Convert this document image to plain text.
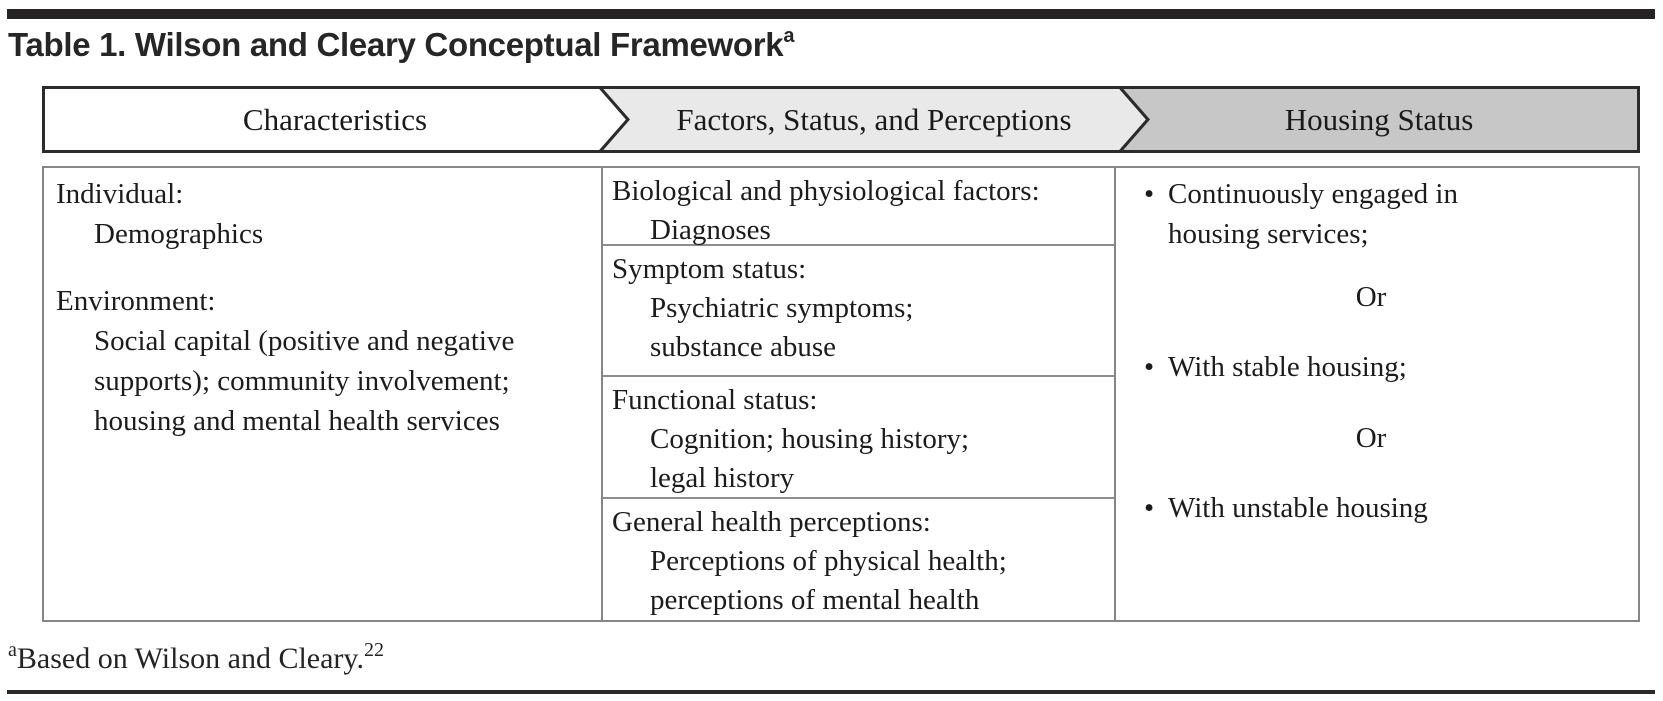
Table 1. Wilson and Cleary Conceptual Framework$^a$
Characteristics	Factors, Status, and Perceptions	Housing Status
Individual:
Demographics
Environment:
Social capital (positive and negative
supports); community involvement;
housing and mental health services
Biological and physiological factors:
Diagnoses
Symptom status:
Psychiatric symptoms;
substance abuse
Functional status:
Cognition; housing history;
legal history
General health perceptions:
Perceptions of physical health;
perceptions of mental health
• Continuously engaged in
housing services;
Or
• With stable housing;
Or
• With unstable housing
$^a$Based on Wilson and Cleary.$^{22}$
